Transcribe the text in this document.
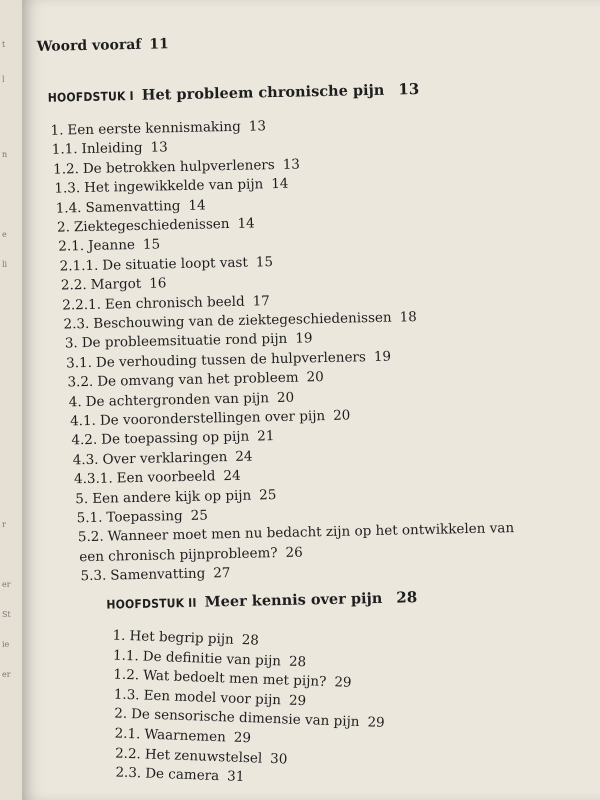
t
l
n
e
li
r
er
St
ie
er
Woord vooraf 11
HOOFDSTUK I Het probleem chronische pijn 13
1. Een eerste kennismaking 13
1.1. Inleiding 13
1.2. De betrokken hulpverleners 13
1.3. Het ingewikkelde van pijn 14
1.4. Samenvatting 14
2. Ziektegeschiedenissen 14
2.1. Jeanne 15
2.1.1. De situatie loopt vast 15
2.2. Margot 16
2.2.1. Een chronisch beeld 17
2.3. Beschouwing van de ziektegeschiedenissen 18
3. De probleemsituatie rond pijn 19
3.1. De verhouding tussen de hulpverleners 19
3.2. De omvang van het probleem 20
4. De achtergronden van pijn 20
4.1. De vooronderstellingen over pijn 20
4.2. De toepassing op pijn 21
4.3. Over verklaringen 24
4.3.1. Een voorbeeld 24
5. Een andere kijk op pijn 25
5.1. Toepassing 25
5.2. Wanneer moet men nu bedacht zijn op het ontwikkelen van
een chronisch pijnprobleem? 26
5.3. Samenvatting 27
HOOFDSTUK II Meer kennis over pijn 28
1. Het begrip pijn 28
1.1. De definitie van pijn 28
1.2. Wat bedoelt men met pijn? 29
1.3. Een model voor pijn 29
2. De sensorische dimensie van pijn 29
2.1. Waarnemen 29
2.2. Het zenuwstelsel 30
2.3. De camera 31
